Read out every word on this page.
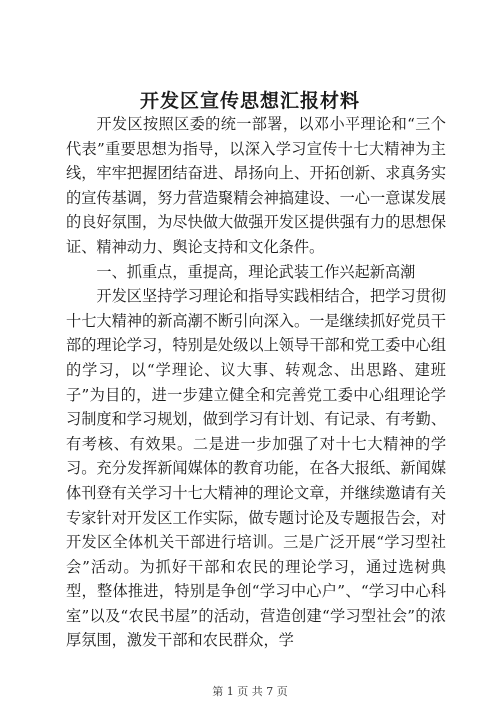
开发区宣传思想汇报材料

开发区按照区委的统一部署，以邓小平理论和“三个代表”重要思想为指导，以深入学习宣传十七大精神为主线，牢牢把握团结奋进、昂扬向上、开拓创新、求真务实的宣传基调，努力营造聚精会神搞建设、一心一意谋发展的良好氛围，为尽快做大做强开发区提供强有力的思想保证、精神动力、舆论支持和文化条件。

一、抓重点，重提高，理论武装工作兴起新高潮

开发区坚持学习理论和指导实践相结合，把学习贯彻十七大精神的新高潮不断引向深入。一是继续抓好党员干部的理论学习，特别是处级以上领导干部和党工委中心组的学习，以“学理论、议大事、转观念、出思路、建班子”为目的，进一步建立健全和完善党工委中心组理论学习制度和学习规划，做到学习有计划、有记录、有考勤、有考核、有效果。二是进一步加强了对十七大精神的学习。充分发挥新闻媒体的教育功能，在各大报纸、新闻媒体刊登有关学习十七大精神的理论文章，并继续邀请有关专家针对开发区工作实际，做专题讨论及专题报告会，对开发区全体机关干部进行培训。三是广泛开展“学习型社会”活动。为抓好干部和农民的理论学习，通过选树典型，整体推进，特别是争创“学习中心户”、“学习中心科室”以及“农民书屋”的活动，营造创建“学习型社会”的浓厚氛围，激发干部和农民群众，学

第 1 页 共 7 页
